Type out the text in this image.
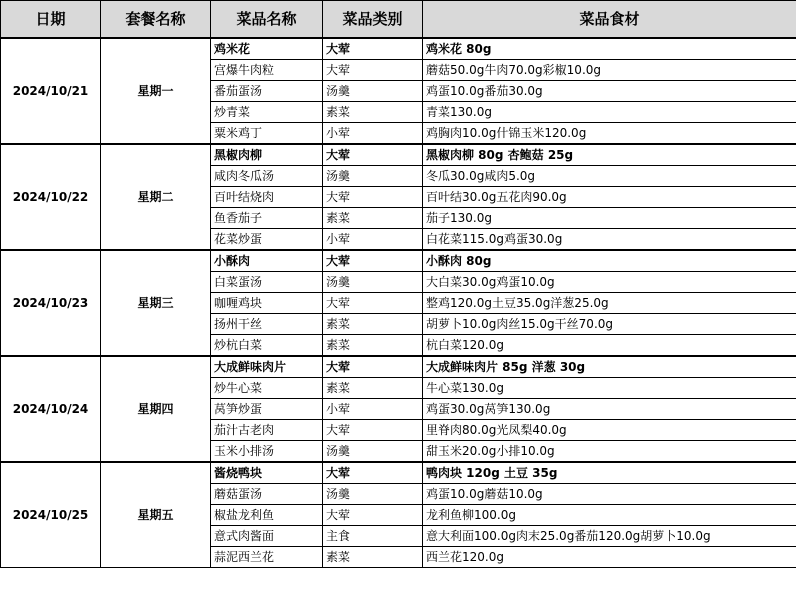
日期	套餐名称	菜品名称	菜品类别	菜品食材
2024/10/21	星期一	鸡米花	大荤	鸡米花 80g
		宫爆牛肉粒	大荤	蘑菇50.0g牛肉70.0g彩椒10.0g
		番茄蛋汤	汤羹	鸡蛋10.0g番茄30.0g
		炒青菜	素菜	青菜130.0g
		粟米鸡丁	小荤	鸡胸肉10.0g什锦玉米120.0g
2024/10/22	星期二	黑椒肉柳	大荤	黑椒肉柳 80g 杏鲍菇 25g
		咸肉冬瓜汤	汤羹	冬瓜30.0g咸肉5.0g
		百叶结烧肉	大荤	百叶结30.0g五花肉90.0g
		鱼香茄子	素菜	茄子130.0g
		花菜炒蛋	小荤	白花菜115.0g鸡蛋30.0g
2024/10/23	星期三	小酥肉	大荤	小酥肉 80g
		白菜蛋汤	汤羹	大白菜30.0g鸡蛋10.0g
		咖喱鸡块	大荤	整鸡120.0g土豆35.0g洋葱25.0g
		扬州干丝	素菜	胡萝卜10.0g肉丝15.0g干丝70.0g
		炒杭白菜	素菜	杭白菜120.0g
2024/10/24	星期四	大成鲜味肉片	大荤	大成鲜味肉片 85g 洋葱 30g
		炒牛心菜	素菜	牛心菜130.0g
		莴笋炒蛋	小荤	鸡蛋30.0g莴笋130.0g
		茄汁古老肉	大荤	里脊肉80.0g光凤梨40.0g
		玉米小排汤	汤羹	甜玉米20.0g小排10.0g
2024/10/25	星期五	酱烧鸭块	大荤	鸭肉块 120g 土豆 35g
		蘑菇蛋汤	汤羹	鸡蛋10.0g蘑菇10.0g
		椒盐龙利鱼	大荤	龙利鱼柳100.0g
		意式肉酱面	主食	意大利面100.0g肉末25.0g番茄120.0g胡萝卜10.0g
		蒜泥西兰花	素菜	西兰花120.0g
